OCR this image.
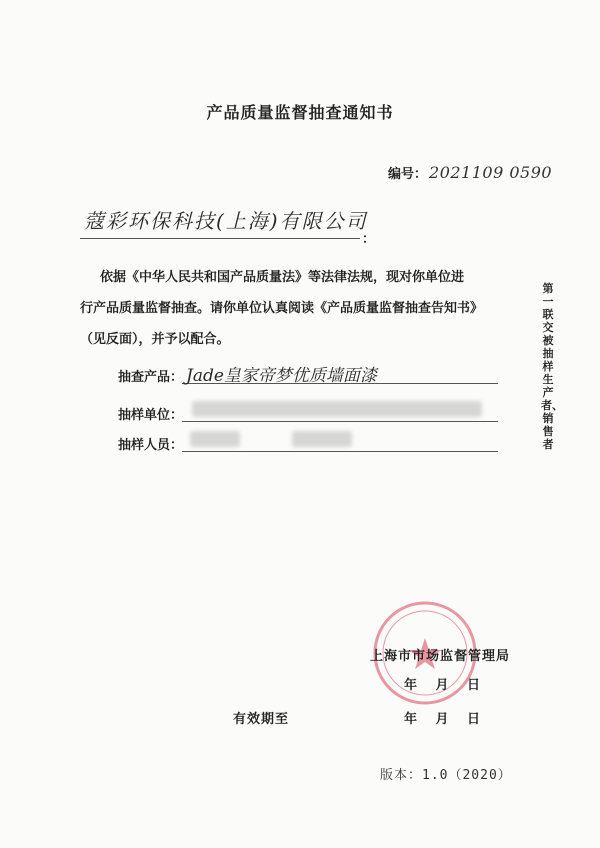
产品质量监督抽查通知书
编号： 2021109 0590
蔻彩环保科技(上海)有限公司
：
依据《中华人民共和国产品质量法》等法律法规，现对你单位进
行产品质量监督抽查。请你单位认真阅读《产品质量监督抽查告知书》
（见反面），并予以配合。
抽查产品： Jade皇家帝梦优质墙面漆
抽样单位：
抽样人员：
第一联 交被抽样生产者、销售者
上海市市场监督管理局
年 月 日
有效期至	年 月 日
版本：1.0（2020）
